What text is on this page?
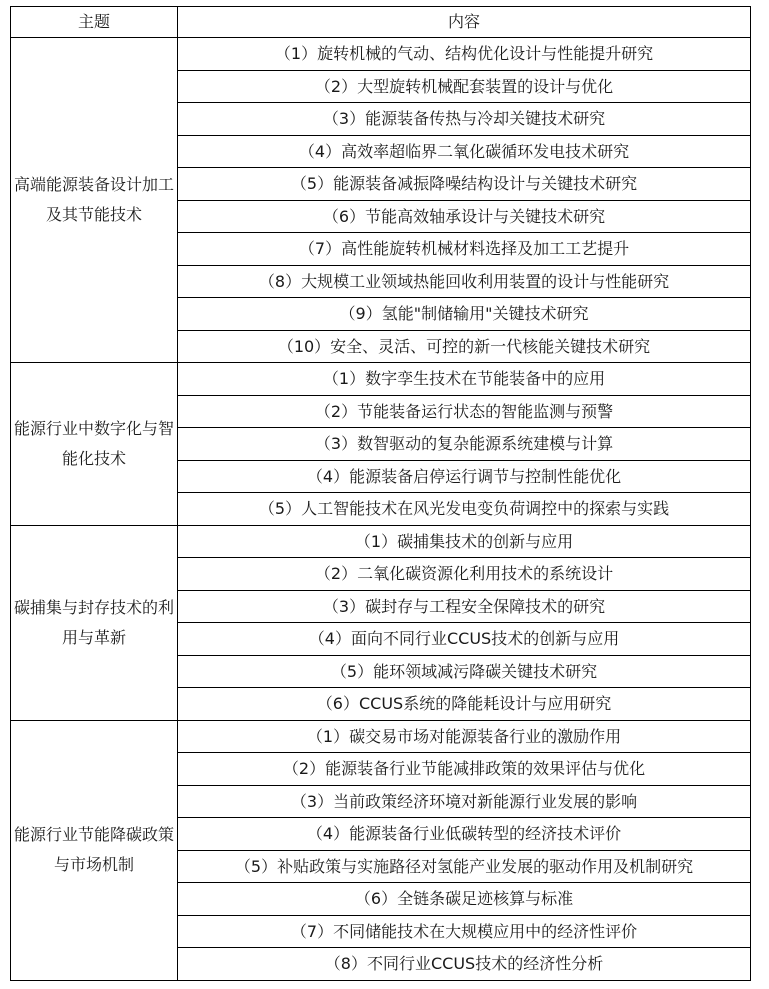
主题	内容
高端能源装备设计加工及其节能技术	（1）旋转机械的气动、结构优化设计与性能提升研究
	（2）大型旋转机械配套装置的设计与优化
	（3）能源装备传热与冷却关键技术研究
	（4）高效率超临界二氧化碳循环发电技术研究
	（5）能源装备减振降噪结构设计与关键技术研究
	（6）节能高效轴承设计与关键技术研究
	（7）高性能旋转机械材料选择及加工工艺提升
	（8）大规模工业领域热能回收利用装置的设计与性能研究
	（9）氢能"制储输用"关键技术研究
	（10）安全、灵活、可控的新一代核能关键技术研究
能源行业中数字化与智能化技术	（1）数字孪生技术在节能装备中的应用
	（2）节能装备运行状态的智能监测与预警
	（3）数智驱动的复杂能源系统建模与计算
	（4）能源装备启停运行调节与控制性能优化
	（5）人工智能技术在风光发电变负荷调控中的探索与实践
碳捕集与封存技术的利用与革新	（1）碳捕集技术的创新与应用
	（2）二氧化碳资源化利用技术的系统设计
	（3）碳封存与工程安全保障技术的研究
	（4）面向不同行业CCUS技术的创新与应用
	（5）能环领域减污降碳关键技术研究
	（6）CCUS系统的降能耗设计与应用研究
能源行业节能降碳政策与市场机制	（1）碳交易市场对能源装备行业的激励作用
	（2）能源装备行业节能减排政策的效果评估与优化
	（3）当前政策经济环境对新能源行业发展的影响
	（4）能源装备行业低碳转型的经济技术评价
	（5）补贴政策与实施路径对氢能产业发展的驱动作用及机制研究
	（6）全链条碳足迹核算与标准
	（7）不同储能技术在大规模应用中的经济性评价
	（8）不同行业CCUS技术的经济性分析
